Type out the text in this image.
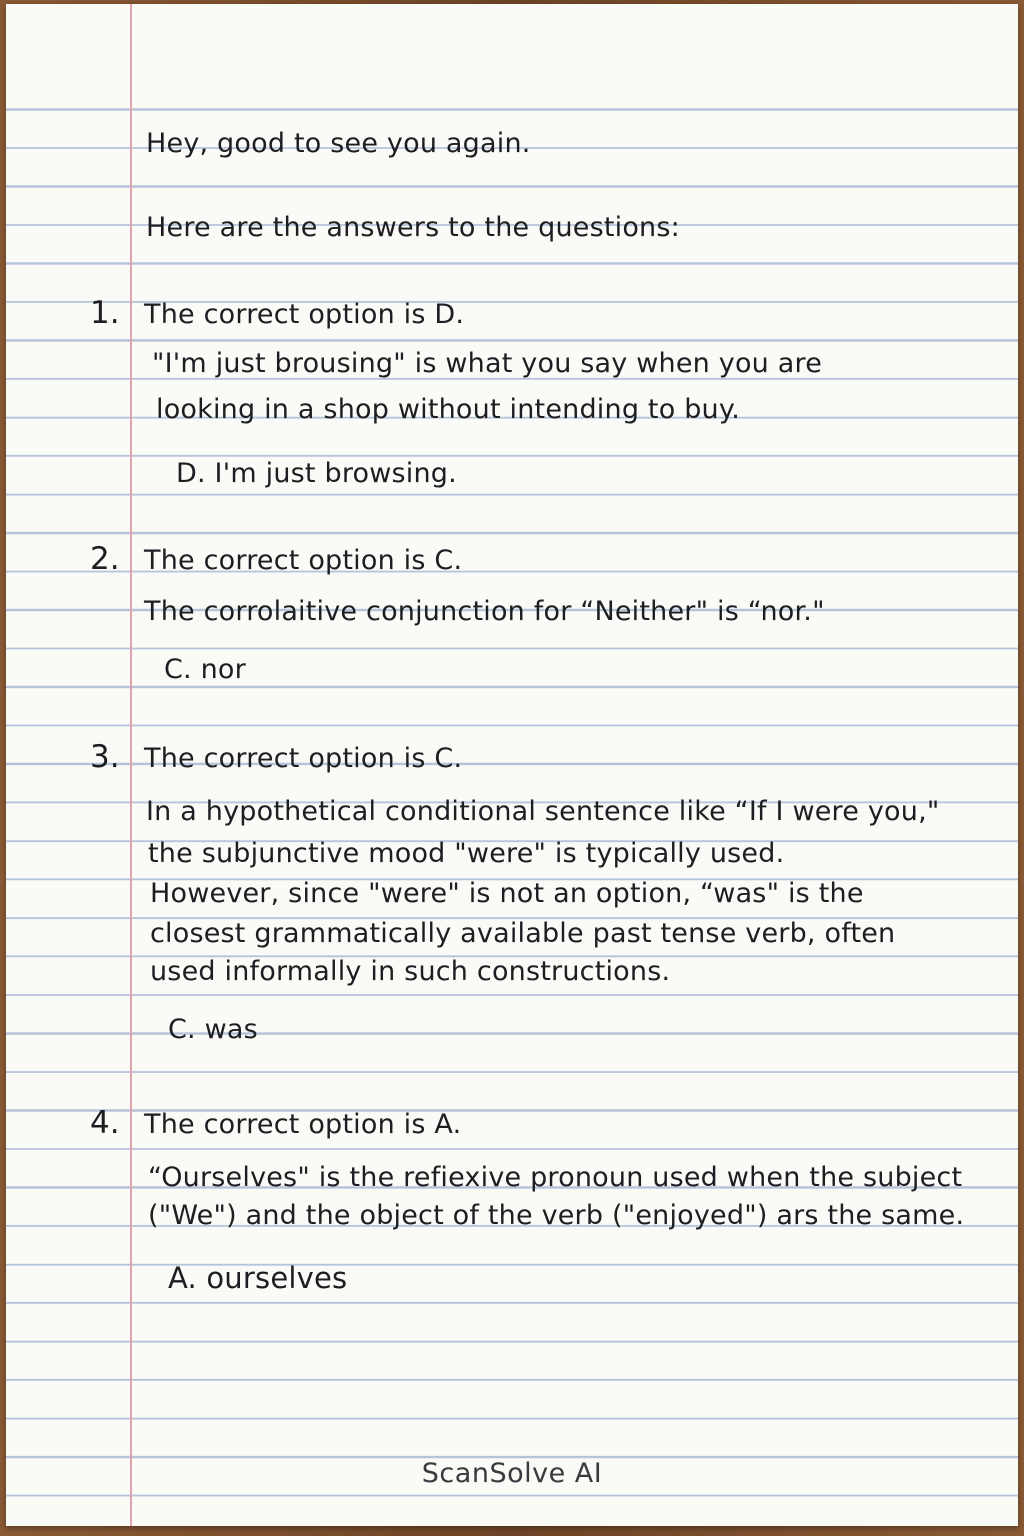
Hey, good to see you again.
Here are the answers to the questions:
1. The correct option is D.
"I'm just brousing" is what you say when you are
looking in a shop without intending to buy.
D. I'm just browsing.
2. The correct option is C.
The corrolaitive conjunction for “Neither" is “nor."
C. nor
3. The correct option is C.
In a hypothetical conditional sentence like “If I were you,"
the subjunctive mood "were" is typically used.
However, since "were" is not an option, “was" is the
closest grammatically available past tense verb, often
used informally in such constructions.
C. was
4. The correct option is A.
“Ourselves" is the refiexive pronoun used when the subject
("We") and the object of the verb ("enjoyed") ars the same.
A. ourselves
ScanSolve AI
